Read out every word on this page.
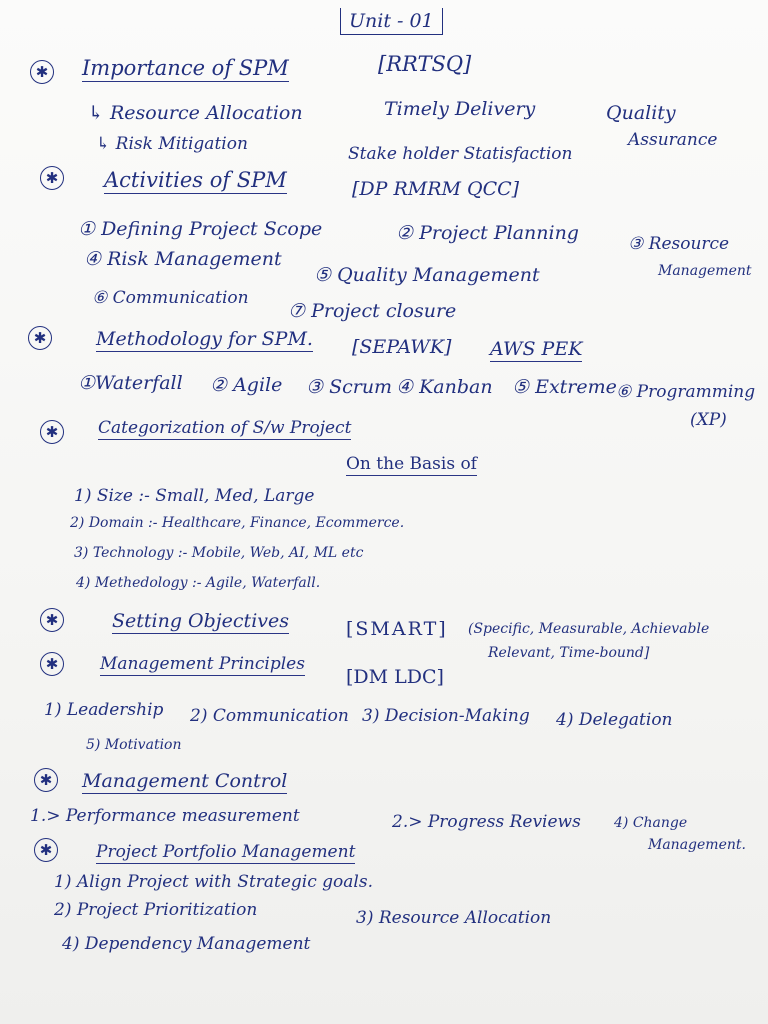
Unit - 01
✱ Importance of SPM	[RRTSQ]
↳ Resource Allocation	Timely Delivery	Quality
Assurance
↳ Risk Mitigation	Stake holder Statisfaction
✱ Activities of SPM	[DP RMRM QCC]
① Defining Project Scope	② Project Planning	③ Resource
Management
④ Risk Management
⑤ Quality Management
⑥ Communication
⑦ Project closure
✱	Methodology for SPM. [SEPAWK] AWS PEK
①Waterfall ② Agile ③ Scrum ④ Kanban ⑤ Extreme ⑥ Programming
(XP)
✱	Categorization of S/w Project
On the Basis of
1) Size :- Small, Med, Large
2) Domain :- Healthcare, Finance, Ecommerce.
3) Technology :- Mobile, Web, AI, ML etc
4) Methedology :- Agile, Waterfall.
✱	Setting Objectives	[SMART] (Specific, Measurable, Achievable
Relevant, Time-bound]
✱	Management Principles
[DM LDC]
1) Leadership 2) Communication 3) Decision-Making 4) Delegation
5) Motivation
✱	Management Control
1.> Performance measurement	2.> Progress Reviews 4) Change
Management.
✱	Project Portfolio Management
1) Align Project with Strategic goals.
2) Project Prioritization	3) Resource Allocation
4) Dependency Management
